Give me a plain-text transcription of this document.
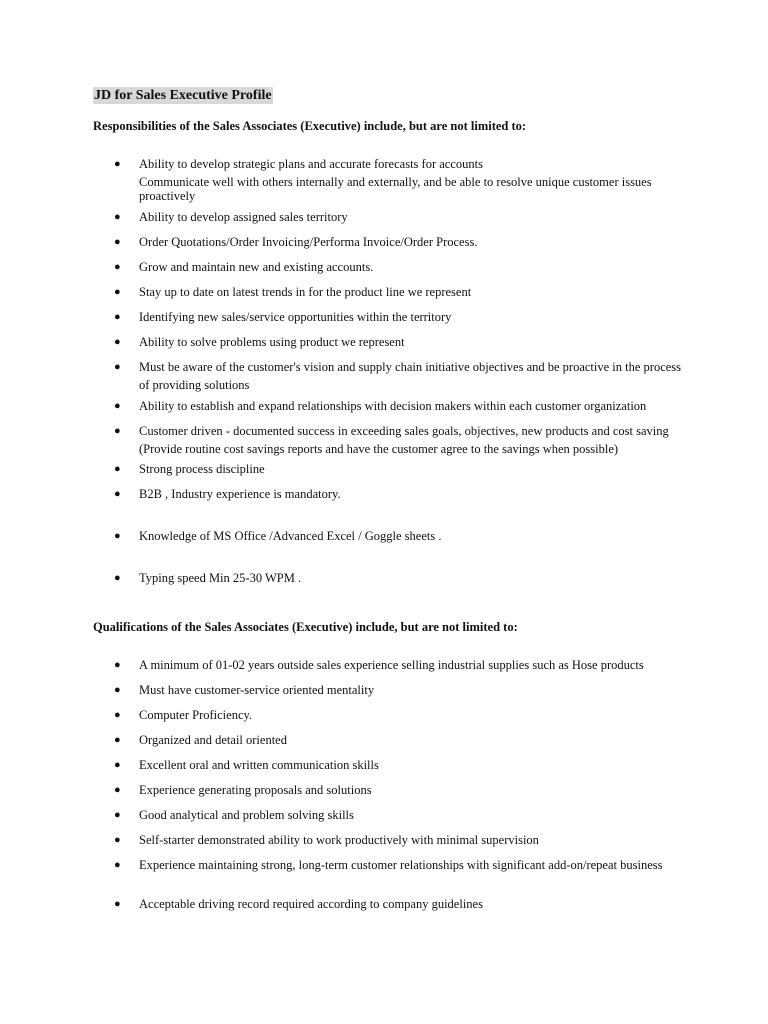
JD for Sales Executive Profile
Responsibilities of the Sales Associates (Executive) include, but are not limited to:
●	Ability to develop strategic plans and accurate forecasts for accounts
Communicate well with others internally and externally, and be able to resolve unique customer issues proactively
●	Ability to develop assigned sales territory
●	Order Quotations/Order Invoicing/Performa Invoice/Order Process.
●	Grow and maintain new and existing accounts.
●	Stay up to date on latest trends in for the product line we represent
●	Identifying new sales/service opportunities within the territory
●	Ability to solve problems using product we represent
●	Must be aware of the customer's vision and supply chain initiative objectives and be proactive in the process of providing solutions
●	Ability to establish and expand relationships with decision makers within each customer organization
●	Customer driven - documented success in exceeding sales goals, objectives, new products and cost saving (Provide routine cost savings reports and have the customer agree to the savings when possible)
●	Strong process discipline
●	B2B , Industry experience is mandatory.
●	Knowledge of MS Office /Advanced Excel / Goggle sheets .
●	Typing speed Min 25-30 WPM .
Qualifications of the Sales Associates (Executive) include, but are not limited to:
●	A minimum of 01-02 years outside sales experience selling industrial supplies such as Hose products
●	Must have customer-service oriented mentality
●	Computer Proficiency.
●	Organized and detail oriented
●	Excellent oral and written communication skills
●	Experience generating proposals and solutions
●	Good analytical and problem solving skills
●	Self-starter demonstrated ability to work productively with minimal supervision
●	Experience maintaining strong, long-term customer relationships with significant add-on/repeat business
●	Acceptable driving record required according to company guidelines
